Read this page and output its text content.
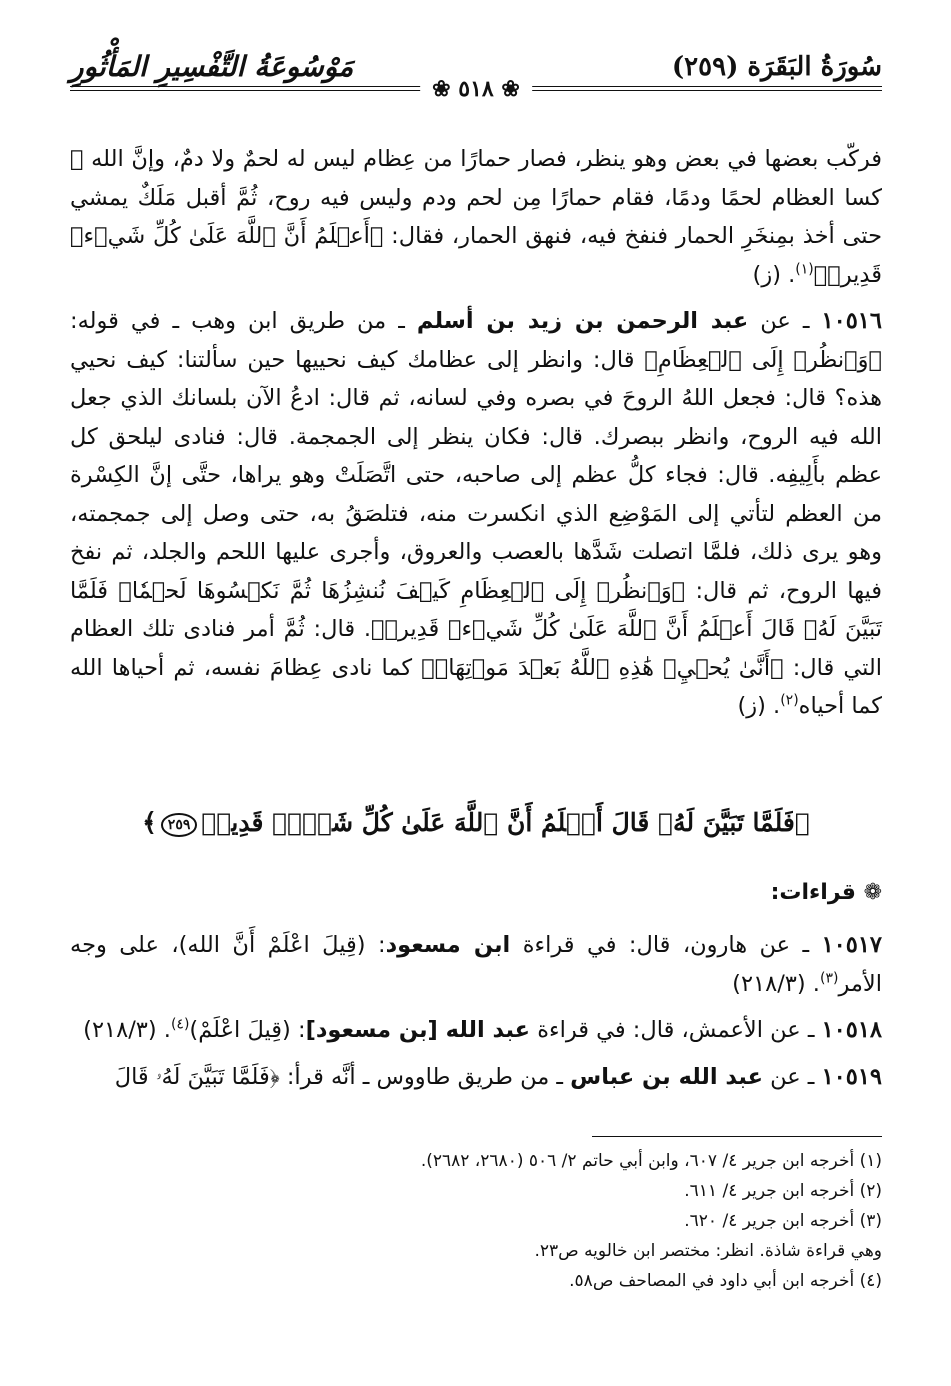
سُورَةُ البَقَرَة (٢٥٩)
مَوْسُوعَةُ التَّفْسِيرِ المَأْثُورِ
❀ ٥١٨ ❀

فركّب بعضها في بعض وهو ينظر، فصار حمارًا من عِظام ليس له لحمٌ ولا دمٌ، وإنَّ الله ﷻ كسا العظام لحمًا ودمًا، فقام حمارًا مِن لحم ودم وليس فيه روح، ثُمَّ أقبل مَلَكٌ يمشي حتى أخذ بمِنخَرِ الحمار فنفخ فيه، فنهق الحمار، فقال: ﴿أَعۡلَمُ أَنَّ ٱللَّهَ عَلَىٰ كُلِّ شَيۡءٖ قَدِيرٞ﴾$^{(١)}$. (ز)

١٠٥١٦ ـ عن عبد الرحمن بن زيد بن أسلم ـ من طريق ابن وهب ـ في قوله: ﴿وَٱنظُرۡ إِلَى ٱلۡعِظَامِ﴾ قال: وانظر إلى عظامك كيف نحييها حين سألتنا: كيف نحيي هذه؟ قال: فجعل اللهُ الروحَ في بصره وفي لسانه، ثم قال: ادعُ الآن بلسانك الذي جعل الله فيه الروح، وانظر ببصرك. قال: فكان ينظر إلى الجمجمة. قال: فنادى ليلحق كل عظم بأَلِيفِه. قال: فجاء كلُّ عظم إلى صاحبه، حتى اتَّصَلَتْ وهو يراها، حتَّى إنَّ الكِسْرة من العظم لتأتي إلى المَوْضِع الذي انكسرت منه، فتلصَقُ به، حتى وصل إلى جمجمته، وهو يرى ذلك، فلمَّا اتصلت شَدَّها بالعصب والعروق، وأجرى عليها اللحم والجلد، ثم نفخ فيها الروح، ثم قال: ﴿وَٱنظُرۡ إِلَى ٱلۡعِظَامِ كَيۡفَ نُنشِزُهَا ثُمَّ نَكۡسُوهَا لَحۡمٗاۚ فَلَمَّا تَبَيَّنَ لَهُۥ قَالَ أَعۡلَمُ أَنَّ ٱللَّهَ عَلَىٰ كُلِّ شَيۡءٖ قَدِيرٞ﴾. قال: ثُمَّ أمر فنادى تلك العظام التي قال: ﴿أَنَّىٰ يُحۡيِۦ هَٰذِهِ ٱللَّهُ بَعۡدَ مَوۡتِهَاۖ﴾ كما نادى عِظامَ نفسه، ثم أحياها الله كما أحياه$^{(٢)}$. (ز)

﴿فَلَمَّا تَبَيَّنَ لَهُۥ قَالَ أَعۡلَمُ أَنَّ ٱللَّهَ عَلَىٰ كُلِّ شَيۡءٖ قَدِيرٞ٢٥٩﴾
❁ قراءات:

١٠٥١٧ ـ عن هارون، قال: في قراءة ابن مسعود: (قِيلَ اعْلَمْ أَنَّ الله)، على وجه الأمر$^{(٣)}$. (٢١٨/٣)

١٠٥١٨ ـ عن الأعمش، قال: في قراءة عبد الله [بن مسعود]: (قِيلَ اعْلَمْ)$^{(٤)}$. (٢١٨/٣)

١٠٥١٩ ـ عن عبد الله بن عباس ـ من طريق طاووس ـ أنَّه قرأ: ﴿فَلَمَّا تَبَيَّنَ لَهُۥ قَالَ

(١) أخرجه ابن جرير ٤/ ٦٠٧، وابن أبي حاتم ٢/ ٥٠٦ (٢٦٨٠، ٢٦٨٢).
(٢) أخرجه ابن جرير ٤/ ٦١١.
(٣) أخرجه ابن جرير ٤/ ٦٢٠.
وهي قراءة شاذة. انظر: مختصر ابن خالويه ص٢٣.
(٤) أخرجه ابن أبي داود في المصاحف ص٥٨.
